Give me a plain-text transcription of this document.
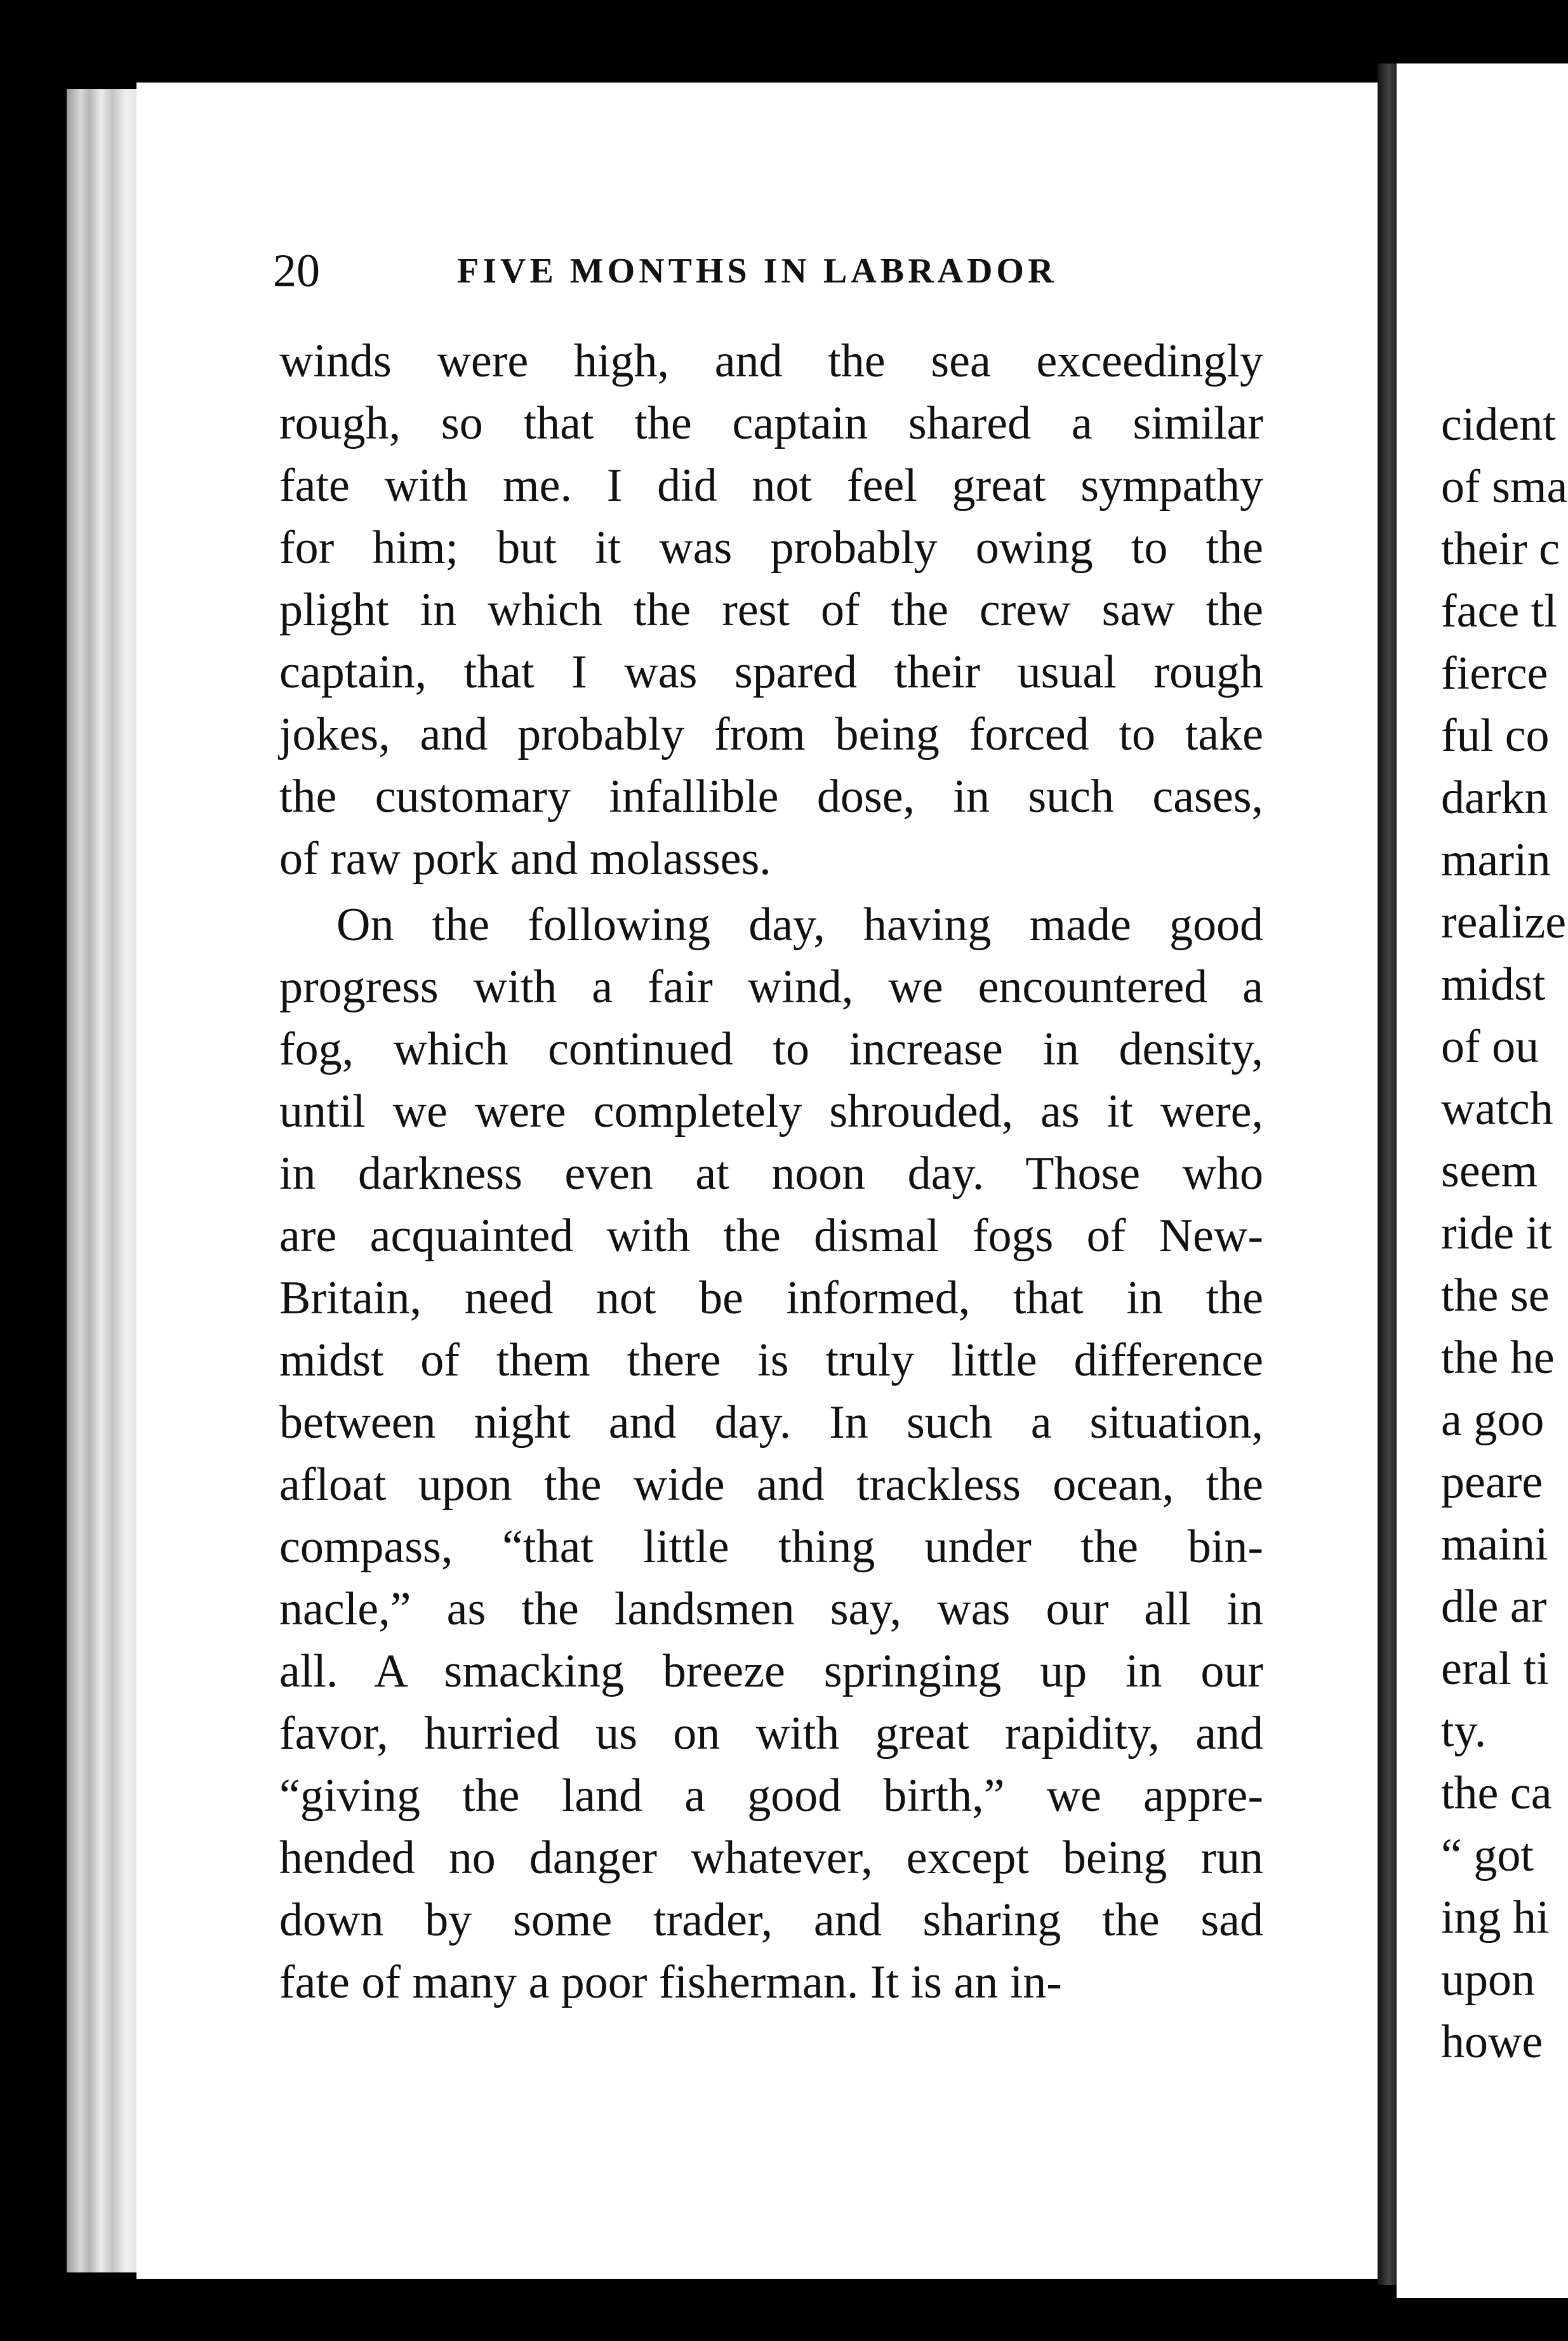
cident
of sma
their c
face tl
fierce
ful co
darkn
marin
realize
midst
of ou
watch
seem
ride it
the se
the he
a goo
peare
maini
dle ar
eral ti
ty.
the ca
“ got
ing hi
upon
howe
20	FIVE MONTHS IN LABRADOR
winds were high, and the sea exceedingly
rough, so that the captain shared a similar
fate with me. I did not feel great sympathy
for him; but it was probably owing to the
plight in which the rest of the crew saw the
captain, that I was spared their usual rough
jokes, and probably from being forced to take
the customary infallible dose, in such cases,
of raw pork and molasses.
On the following day, having made good
progress with a fair wind, we encountered a
fog, which continued to increase in density,
until we were completely shrouded, as it were,
in darkness even at noon day. Those who
are acquainted with the dismal fogs of New-
Britain, need not be informed, that in the
midst of them there is truly little difference
between night and day. In such a situation,
afloat upon the wide and trackless ocean, the
compass, “that little thing under the bin-
nacle,” as the landsmen say, was our all in
all. A smacking breeze springing up in our
favor, hurried us on with great rapidity, and
“giving the land a good birth,” we appre-
hended no danger whatever, except being run
down by some trader, and sharing the sad
fate of many a poor fisherman. It is an in-
